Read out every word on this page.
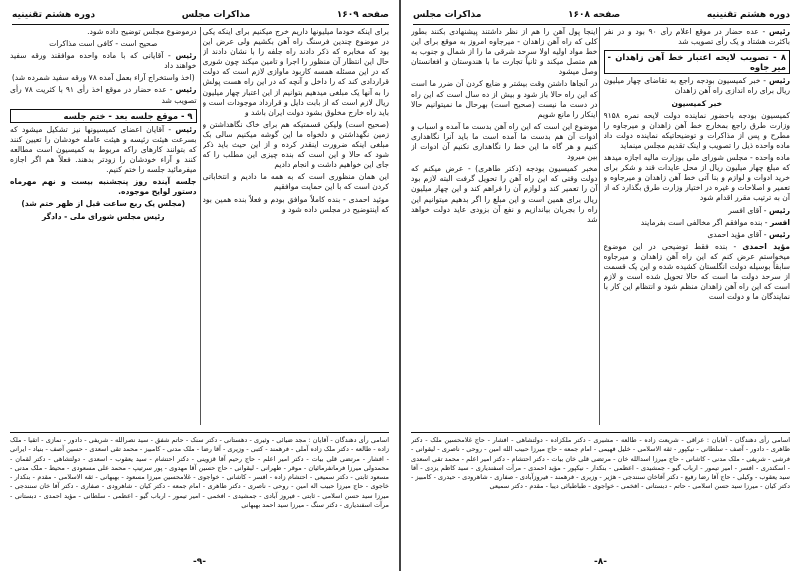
صفحه ۱۶۰۹
مذاکرات مجلس
دوره هشتم تقنینیه

برای اینکه خودما میلیونها داریم خرج میکنیم برای اینکه یکی در موضوع چندین فرسنگ راه آهن بکشیم ولی عرض این بود که مخابره که ذکر دادند راه جلفه را با نشان دادند از حال این انتظار آن منظور را اجرا و تامین میکند چون شوری که در این مسئله همسه کاربود ماوازی لازم است که دولت قراردادی کند که را داخل و آنچه که در این راه هست پولش را به آنها یک مبلغی میدهیم بتوانیم از این اعتبار چهار میلیون ریال لازم است که از بابت دایل و قرارداد موجودات است و باید راه خارج مخلوق بشود دولت ایران باشد و

(صحیح است) ولیکن قسمتیکه هم برای خاک نگاهداشتن و زمین نگهداشتن و دلخواه ما این گوشه میکنیم سالی بک مبلغی اینکه ضرورت اینقدر کرده و از این حیث باید ذکر شود که حالا و این است که بنده چیزی این مطلب را که جای این خواهیم داشت و انجام دادیم

این همان منظوری است که به همه ما دادیم و انتخاباتی کردن است که با این حمایت موافقیم

موئید احمدی - بنده کاملاً موافق بودم و فعلاً بنده همین بود که اینتوضیح در مجلس داده شود و

درموضوع مجلس توضیح داده شود.

صحیح است - کافی است مذاکرات

رئیس - آقایانی که با ماده واحده موافقند ورقه سفید خواهند داد

(اخذ واستخراج آراء بعمل آمده ۷۸ ورقه سفید شمرده شد)

رئیس - عده حضار در موقع اخذ رأی ۹۱ با کثریت ۷۸ رأی تصویب شد

۹ - موقع جلسه بعد - ختم جلسه

رئیس - آقایان اعضای کمیسیونها نیز تشکیل میشود که بسرعت هیئت رئیسه و هیئت عامله خودشان را تعیین کنند که بتوانند کارهای راکه مربوط به کمیسیون است مطالعه کنند و آراء خودشان را زودتر بدهند. فعلاً هم اگر اجازه میفرمائید جلسه را ختم کنیم.

جلسه آینده روز پنجشنبه بیست و نهم مهرماه دستور لوایح موجوده.

(مجلس یک ربع ساعت قبل از ظهر ختم شد)

رئیس مجلس شورای ملی - دادگر

اسامی رأی دهندگان - آقایان : مجد ضیائی - وثیری - دهستانی - دکتر سنک - حاتم شفق - سید نصرالله - شریفی - دادور - نمازی - اتقیا - ملک زاده - طالعه - دکتر ملک زاده آملی - فرهمند - کتبی - وزیری - آقا رضا - ملک مدنی - کامبیز - محمد تقی اسعدی - حسین آصف - بنیاد - ایرانی - افشار - مرتضی قلی بیات - دکتر امیر اعلم - حاج رحیم آقا قزوینی - دکتر احتشام - سید یعقوب - اسعدی - دولتشاهی - دکتر لقمان - محمدولی میرزا فرمانفرمائیان - موقر - طهرانی - لیقوانی - حاج حسین آقا مهدوی - پور سرتیپ - محمد علی مسعودی - محیط - ملک مدنی - مسعود ثابتی - دکتر سمیعی - احتشام زاده - افسر - کاشانی - خواجوی - غلامحسین میرزا مسعود - بهبهانی - ثقه الاسلامی - مقدم - بنکدار - خاجوی - حاج میرزا حبیب اله امین - روحی - ناصری - دکتر طاهری - امام جمعه - دکتر کیان - شاهرودی - صفاری - دکتر آفا خان سنندجی - میرزا سید حسن اسلامی - ثابتی - فیروز آبادی - جمشیدی - افخمی - امیر تیمور - ارباب گیو - اعظمی - سلطانی - مؤید احمدی - دبستانی - مرآت اسفندیاری - دکتر سنگ - میرزا سید احمد بهبهانی
-۹-
دوره هشتم تقنینیه
صفحه ۱۶۰۸
مذاکرات مجلس

رئیس - عده حضار در موقع اعلام رأی ۹۰ بود و در نفر باکثرت هشتاد و یک رأی تصویب شد

۸ - تصویب لایحه اعتبار خط آهن زاهدان - میر جاوه

رئیس - خبر کمیسیون بودجه راجع به تقاضای چهار میلیون ریال برای راه اندازی راه آهن زاهدان

خبر کمیسیون

کمیسیون بودجه باحضور نماینده دولت لایحه نمره ۹۱۵۸ وزارت طرق راجع بمخارج خط آهن زاهدان و میرجاوه را مطرح و پس از مذاکرات و توضیحاتیکه نماینده دولت داد ماده واحده ذیل را تصویب و اینک تقدیم مجلس مینماید

ماده واحده - مجلس شورای ملی بوزارت مالیه اجازه میدهد که مبلغ چهار میلیون ریال از محل عایدات قند و شکر برای خرید ادوات و لوازم و بنا آتی خط آهن زاهدان و میرجاوه و تعمیر و اصلاحات و غیره در اختیار وزارت طرق بگذارد که از آن به ترتیب مقرر اقدام شود

رئیس - آقای افسر

افسر - بنده موافقم اگر مخالفی است بفرمایند

رئیس - آقای مؤید احمدی

مؤید احمدی - بنده فقط توضیحی در این موضوع میخواستم عرض کنم که این راه آهن زاهدان و میرجاوه سابقاً بوسیله دولت انگلستان کشیده شده و این یک قسمت از سرحد دولت ما است که حالا تحویل شده است و لازم است که این راه آهن زاهدان منظم شود و انتظام این کار با نمایندگان ما و دولت است

اینجا پول آهن را هم از نظر داشتند پیشنهادی بکنند بطور کلی که راه آهن زاهدان - میرجاوه امروز به موقع برای این خط مواد اولیه اولا سرحد شرقی ما را از شمال و جنوب به هم متصل میکند و ثانیاً تجارت ما با هندوستان و افغانستان وصل میشود

در آنجاها داشتن وقت بیشتر و ضایع کردن آن ضرر ما است که این راه حالا باز شود و بیش از ده سال است که این راه در دست ما نیست (صحیح است) بهرحال ما نمیتوانیم حالا اینکار را مانع شویم

موضوع این است که این راه آهن بدست ما آمده و اسباب و ادوات آن هم بدست ما آمده است ما باید آنرا نگاهداری کنیم و هر گاه ما این خط را نگاهداری نکنیم آن ادوات از بین میرود

مخبر کمیسیون بودجه (دکتر طاهری) - عرض میکنم که دولت وقتی که این راه آهن را تحویل گرفت البته لازم بود آن را تعمیر کند و لوازم آن را فراهم کند و این چهار میلیون ریال برای همین است و این مبلغ را اگر بدهیم میتوانیم این راه را بجریان بیاندازیم و نفع آن بزودی عاید دولت خواهد شد

اسامی رأی دهندگان - آقایان : عراقی - شریعت زاده - طالعه - مشیری - دکتر ملکزاده - دولتشاهی - افشار - حاج غلامحسین ملک - دکتر طاهری - دادور - آصف - سلطانی - نیکپور - ثقه الاسلامی - خلیل فهیمی - امام جمعه - حاج میرزا حبیب الله امین - روحی - ناصری - لیقوانی - فرشی - شریفی - ملک مدنی - کاشانی - حاج میرزا اسدالله خان - مرتضی قلی خان بیات - دکتر احتشام - دکتر امیر اعلم - محمد تقی اسعدی - اسکندری - افسر - امیر تیمور - ارباب گیو - جمشیدی - اعظمی - بنکدار - نیکپور - مؤید احمدی - مرآت اسفندیاری - سید کاظم یزدی - آقا سید یعقوب - وکیلی - حاج آقا رضا رفیع - دکتر آفاخان سنندجی - هژیر - وزیری - فرهمند - فیروزآبادی - صفاری - شاهرودی - حیدری - کامبیز - دکتر کیان - میرزا سید حسن اسلامی - حاتم - دبستانی - افخمی - خواجوی - طباطبائی دیبا - مقدم - دکتر سمیعی
-۸-
